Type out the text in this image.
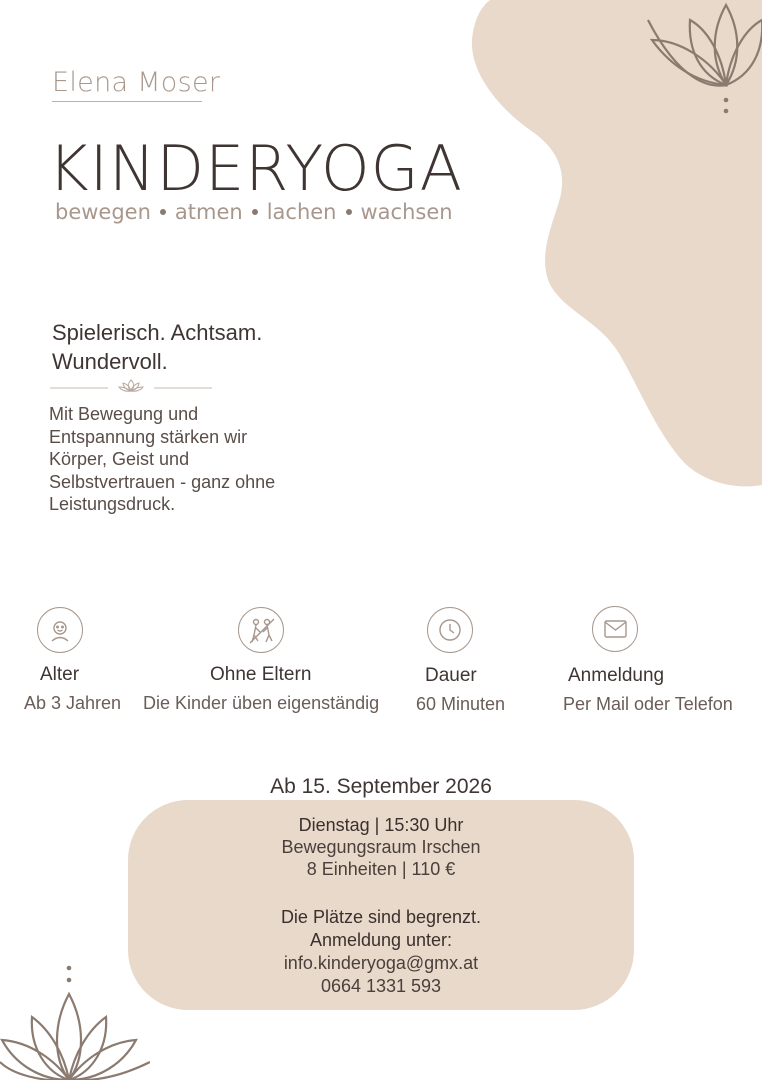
Elena Moser
KINDERYOGA
bewegen atmen lachen wachsen
Spielerisch. Achtsam.
Wundervoll.
Mit Bewegung und
Entspannung stärken wir
Körper, Geist und
Selbstvertrauen - ganz ohne
Leistungsdruck.
Alter
Ab 3 Jahren
Ohne Eltern
Die Kinder üben eigenständig
Dauer
60 Minuten
Anmeldung
Per Mail oder Telefon
Ab 15. September 2026
Dienstag | 15:30 Uhr
Bewegungsraum Irschen
8 Einheiten | 110 €
Die Plätze sind begrenzt.
Anmeldung unter:
info.kinderyoga@gmx.at
0664 1331 593
